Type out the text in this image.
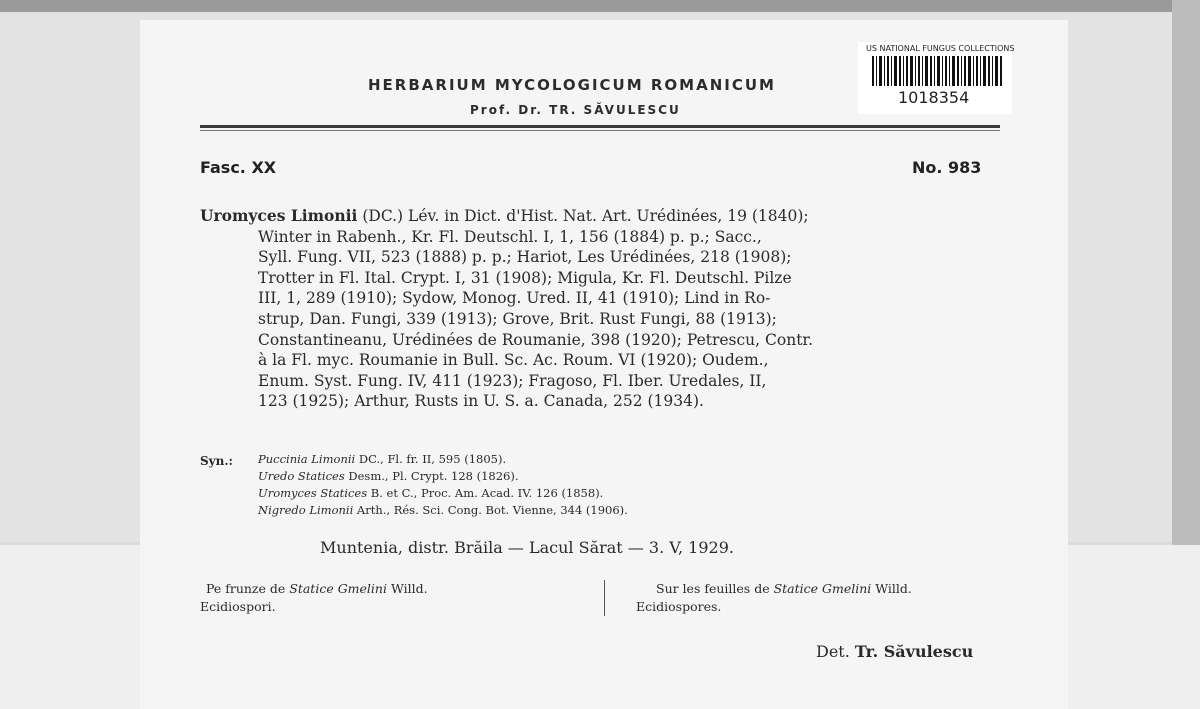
HERBARIUM MYCOLOGICUM ROMANICUM
Prof. Dr. TR. SĂVULESCU
US NATIONAL FUNGUS COLLECTIONS
1018354
Fasc. XX	No. 983
Uromyces Limonii (DC.) Lév. in Dict. d'Hist. Nat. Art. Urédinées, 19 (1840);
Winter in Rabenh., Kr. Fl. Deutschl. I, 1, 156 (1884) p. p.; Sacc.,
Syll. Fung. VII, 523 (1888) p. p.; Hariot, Les Urédinées, 218 (1908);
Trotter in Fl. Ital. Crypt. I, 31 (1908); Migula, Kr. Fl. Deutschl. Pilze
III, 1, 289 (1910); Sydow, Monog. Ured. II, 41 (1910); Lind in Ro-
strup, Dan. Fungi, 339 (1913); Grove, Brit. Rust Fungi, 88 (1913);
Constantineanu, Urédinées de Roumanie, 398 (1920); Petrescu, Contr.
à la Fl. myc. Roumanie in Bull. Sc. Ac. Roum. VI (1920); Oudem.,
Enum. Syst. Fung. IV, 411 (1923); Fragoso, Fl. Iber. Uredales, II,
123 (1925); Arthur, Rusts in U. S. a. Canada, 252 (1934).
Syn.: Puccinia Limonii DC., Fl. fr. II, 595 (1805).
Uredo Statices Desm., Pl. Crypt. 128 (1826).
Uromyces Statices B. et C., Proc. Am. Acad. IV. 126 (1858).
Nigredo Limonii Arth., Rés. Sci. Cong. Bot. Vienne, 344 (1906).
Muntenia, distr. Brăila — Lacul Sărat — 3. V, 1929.
Pe frunze de Statice Gmelini Willd.
Ecidiospori.
Sur les feuilles de Statice Gmelini Willd.
Ecidiospores.
Det. Tr. Săvulescu
